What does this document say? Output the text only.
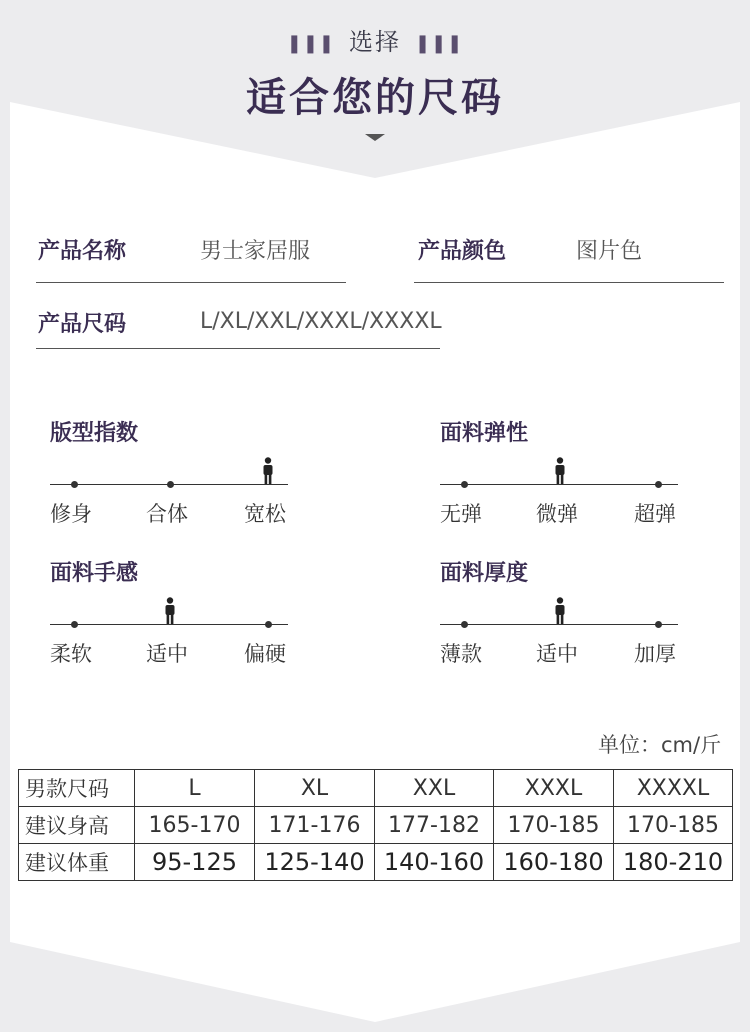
❚❚❚ 选择 ❚❚❚
适合您的尺码
产品名称	男士家居服	产品颜色	图片色
产品尺码	L/XL/XXL/XXXL/XXXXL
版型指数
修身	合体	宽松
面料弹性
无弹	微弹	超弹
面料手感
柔软	适中	偏硬
面料厚度
薄款	适中	加厚
单位：cm/斤
男款尺码	L	XL	XXL	XXXL	XXXXL
建议身高	165-170	171-176	177-182	170-185	170-185
建议体重	95-125	125-140	140-160	160-180	180-210
